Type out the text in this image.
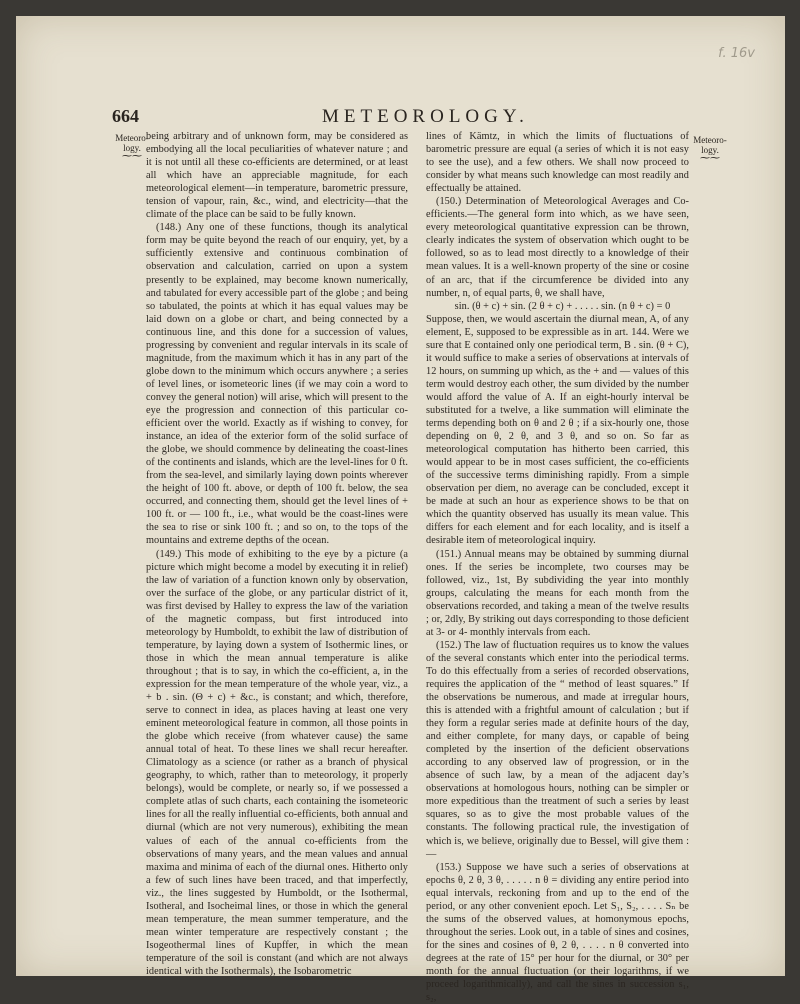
f. 16v
664	METEOROLOGY.
Meteoro-logy.
⁓⁓
Meteoro-logy.
⁓⁓

being arbitrary and of unknown form, may be considered as embodying all the local peculiarities of whatever nature ; and it is not until all these co-efficients are determined, or at least all which have an appreciable magnitude, for each meteorological element—in temperature, barometric pressure, tension of vapour, rain, &c., wind, and electricity—that the climate of the place can be said to be fully known.

(148.) Any one of these functions, though its analytical form may be quite beyond the reach of our enquiry, yet, by a sufficiently extensive and continuous combination of observation and calculation, carried on upon a system presently to be explained, may become known numerically, and tabulated for every accessible part of the globe ; and being so tabulated, the points at which it has equal values may be laid down on a globe or chart, and being connected by a continuous line, and this done for a succession of values, progressing by convenient and regular intervals in its scale of magnitude, from the maximum which it has in any part of the globe down to the minimum which occurs anywhere ; a series of level lines, or isometeoric lines (if we may coin a word to convey the general notion) will arise, which will present to the eye the progression and connection of this particular co-efficient over the world. Exactly as if wishing to convey, for instance, an idea of the exterior form of the solid surface of the globe, we should commence by delineating the coast-lines of the continents and islands, which are the level-lines for 0 ft. from the sea-level, and similarly laying down points wherever the height of 100 ft. above, or depth of 100 ft. below, the sea occurred, and connecting them, should get the level lines of + 100 ft. or — 100 ft., i.e., what would be the coast-lines were the sea to rise or sink 100 ft. ; and so on, to the tops of the mountains and extreme depths of the ocean.

(149.) This mode of exhibiting to the eye by a picture (a picture which might become a model by executing it in relief) the law of variation of a function known only by observation, over the surface of the globe, or any particular district of it, was first devised by Halley to express the law of the variation of the magnetic compass, but first introduced into meteorology by Humboldt, to exhibit the law of distribution of temperature, by laying down a system of Isothermic lines, or those in which the mean annual temperature is alike throughout ; that is to say, in which the co-efficient, a, in the expression for the mean temperature of the whole year, viz., a + b . sin. (Θ + c) + &c., is constant; and which, therefore, serve to connect in idea, as places having at least one very eminent meteorological feature in common, all those points in the globe which receive (from whatever cause) the same annual total of heat. To these lines we shall recur hereafter. Climatology as a science (or rather as a branch of physical geography, to which, rather than to meteorology, it properly belongs), would be complete, or nearly so, if we possessed a complete atlas of such charts, each containing the isometeoric lines for all the really influential co-efficients, both annual and diurnal (which are not very numerous), exhibiting the mean values of each of the annual co-efficients from the observations of many years, and the mean values and annual maxima and minima of each of the diurnal ones. Hitherto only a few of such lines have been traced, and that imperfectly, viz., the lines suggested by Humboldt, or the Isothermal, Isotheral, and Isocheimal lines, or those in which the general mean temperature, the mean summer temperature, and the mean winter temperature are respectively constant ; the Isogeothermal lines of Kupffer, in which the mean temperature of the soil is constant (and which are not always identical with the Isothermals), the Isobarometric

lines of Kämtz, in which the limits of fluctuations of barometric pressure are equal (a series of which it is not easy to see the use), and a few others. We shall now proceed to consider by what means such knowledge can most readily and effectually be attained.

(150.) Determination of Meteorological Averages and Co-efficients.—The general form into which, as we have seen, every meteorological quantitative expression can be thrown, clearly indicates the system of observation which ought to be followed, so as to lead most directly to a knowledge of their mean values. It is a well-known property of the sine or cosine of an arc, that if the circumference be divided into any number, n, of equal parts, θ, we shall have,

sin. (θ + c) + sin. (2 θ + c) + . . . . . sin. (n θ + c) = 0

Suppose, then, we would ascertain the diurnal mean, A, of any element, E, supposed to be expressible as in art. 144. Were we sure that E contained only one periodical term, B . sin. (θ + C), it would suffice to make a series of observations at intervals of 12 hours, on summing up which, as the + and — values of this term would destroy each other, the sum divided by the number would afford the value of A. If an eight-hourly interval be substituted for a twelve, a like summation will eliminate the terms depending both on θ and 2 θ ; if a six-hourly one, those depending on θ, 2 θ, and 3 θ, and so on. So far as meteorological computation has hitherto been carried, this would appear to be in most cases sufficient, the co-efficients of the successive terms diminishing rapidly. From a simple observation per diem, no average can be concluded, except it be made at such an hour as experience shows to be that on which the quantity observed has usually its mean value. This differs for each element and for each locality, and is itself a desirable item of meteorological inquiry.

(151.) Annual means may be obtained by summing diurnal ones. If the series be incomplete, two courses may be followed, viz., 1st, By subdividing the year into monthly groups, calculating the means for each month from the observations recorded, and taking a mean of the twelve results ; or, 2dly, By striking out days corresponding to those deficient at 3- or 4- monthly intervals from each.

(152.) The law of fluctuation requires us to know the values of the several constants which enter into the periodical terms. To do this effectually from a series of recorded observations, requires the application of the “ method of least squares.” If the observations be numerous, and made at irregular hours, this is attended with a frightful amount of calculation ; but if they form a regular series made at definite hours of the day, and either complete, for many days, or capable of being completed by the insertion of the deficient observations according to any observed law of progression, or in the absence of such law, by a mean of the adjacent day’s observations at homologous hours, nothing can be simpler or more expeditious than the treatment of such a series by least squares, so as to give the most probable values of the constants. The following practical rule, the investigation of which is, we believe, originally due to Bessel, will give them :—

(153.) Suppose we have such a series of observations at epochs θ, 2 θ, 3 θ, . . . . . n θ = dividing any entire period into equal intervals, reckoning from and up to the end of the period, or any other convenient epoch. Let S₁, S₂, . . . . Sₙ be the sums of the observed values, at homonymous epochs, throughout the series. Look out, in a table of sines and cosines, for the sines and cosines of θ, 2 θ, . . . . n θ converted into degrees at the rate of 15° per hour for the diurnal, or 30° per month for the annual fluctuation (or their logarithms, if we proceed logarithmically), and call the sines in succession s₁, s₂,
